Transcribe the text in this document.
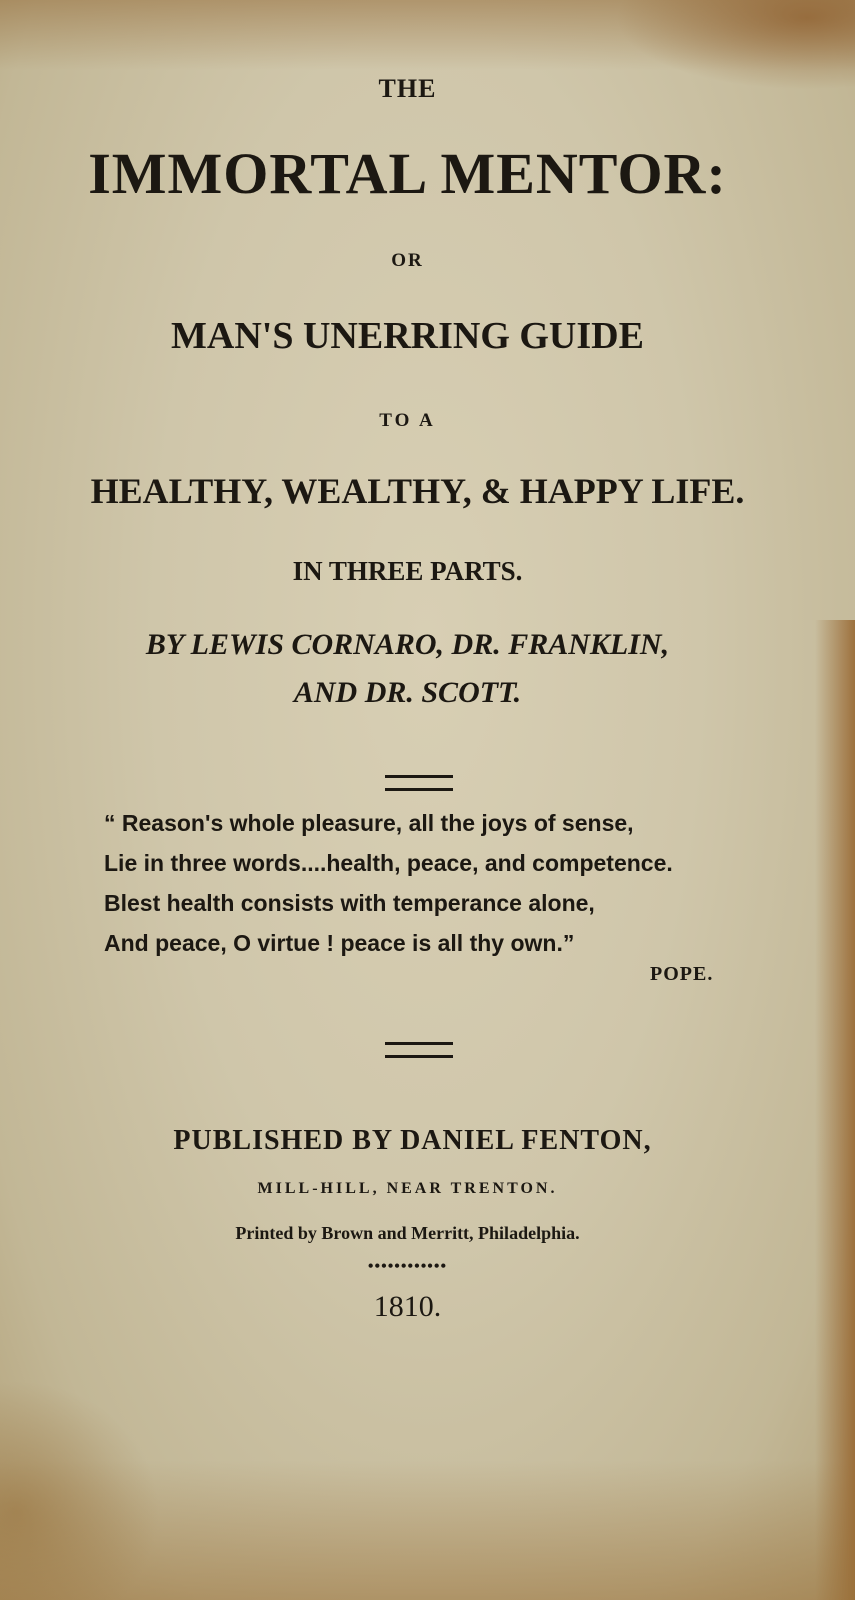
THE
IMMORTAL MENTOR:
OR
MAN'S UNERRING GUIDE
TO A
HEALTHY, WEALTHY, & HAPPY LIFE.
IN THREE PARTS.
BY LEWIS CORNARO, DR. FRANKLIN,
AND DR. SCOTT.
“ Reason's whole pleasure, all the joys of sense,
Lie in three words....health, peace, and competence.
Blest health consists with temperance alone,
And peace, O virtue ! peace is all thy own.”
POPE.
PUBLISHED BY DANIEL FENTON,
MILL-HILL, NEAR TRENTON.
Printed by Brown and Merritt, Philadelphia.
••••••••••••
1810.
